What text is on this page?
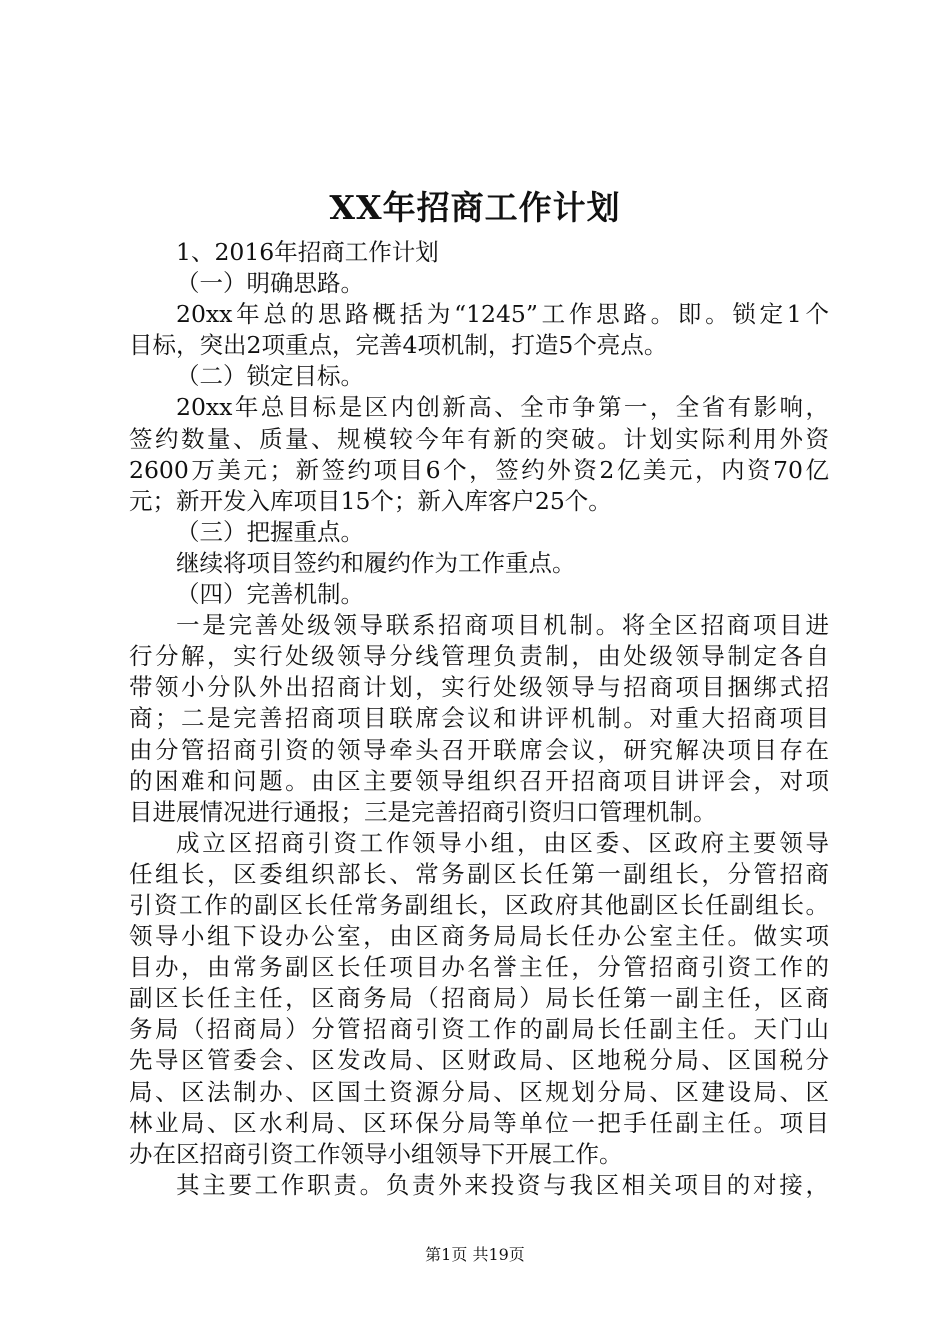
XX年招商工作计划
1、2016年招商工作计划
（一）明确思路。
20xx年总的思路概括为“1245”工作思路。即。锁定1个
目标，突出2项重点，完善4项机制，打造5个亮点。
（二）锁定目标。
20xx年总目标是区内创新高、全市争第一，全省有影响，
签约数量、质量、规模较今年有新的突破。计划实际利用外资
2600万美元；新签约项目6个，签约外资2亿美元，内资70亿
元；新开发入库项目15个；新入库客户25个。
（三）把握重点。
继续将项目签约和履约作为工作重点。
（四）完善机制。
一是完善处级领导联系招商项目机制。将全区招商项目进
行分解，实行处级领导分线管理负责制，由处级领导制定各自
带领小分队外出招商计划，实行处级领导与招商项目捆绑式招
商；二是完善招商项目联席会议和讲评机制。对重大招商项目
由分管招商引资的领导牵头召开联席会议，研究解决项目存在
的困难和问题。由区主要领导组织召开招商项目讲评会，对项
目进展情况进行通报；三是完善招商引资归口管理机制。
成立区招商引资工作领导小组，由区委、区政府主要领导
任组长，区委组织部长、常务副区长任第一副组长，分管招商
引资工作的副区长任常务副组长，区政府其他副区长任副组长。
领导小组下设办公室，由区商务局局长任办公室主任。做实项
目办，由常务副区长任项目办名誉主任，分管招商引资工作的
副区长任主任，区商务局（招商局）局长任第一副主任，区商
务局（招商局）分管招商引资工作的副局长任副主任。天门山
先导区管委会、区发改局、区财政局、区地税分局、区国税分
局、区法制办、区国土资源分局、区规划分局、区建设局、区
林业局、区水利局、区环保分局等单位一把手任副主任。项目
办在区招商引资工作领导小组领导下开展工作。
其主要工作职责。负责外来投资与我区相关项目的对接，
第1页 共19页
